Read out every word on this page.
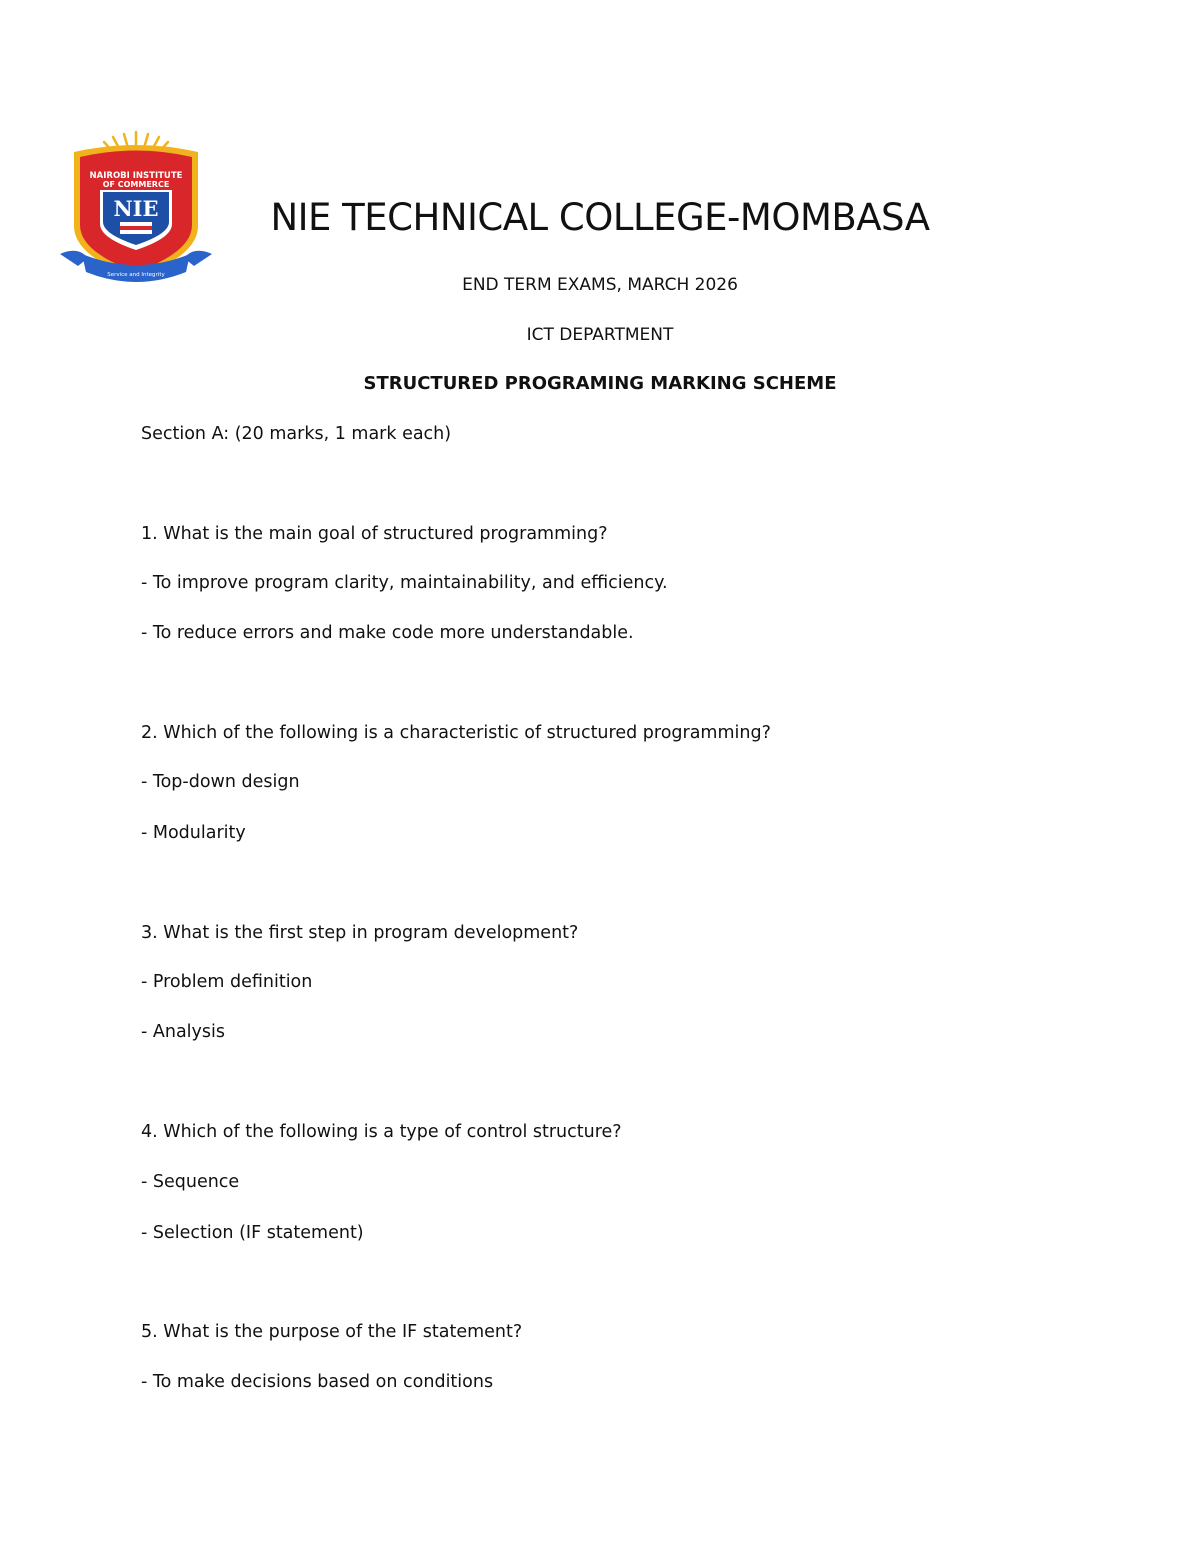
NAIROBI INSTITUTE
OF COMMERCE
NIE
Service and Integrity
NIE TECHNICAL COLLEGE-MOMBASA
END TERM EXAMS, MARCH 2026
ICT DEPARTMENT
STRUCTURED PROGRAMING MARKING SCHEME
Section A: (20 marks, 1 mark each)
1. What is the main goal of structured programming?
- To improve program clarity, maintainability, and efficiency.
- To reduce errors and make code more understandable.
2. Which of the following is a characteristic of structured programming?
- Top-down design
- Modularity
3. What is the first step in program development?
- Problem definition
- Analysis
4. Which of the following is a type of control structure?
- Sequence
- Selection (IF statement)
5. What is the purpose of the IF statement?
- To make decisions based on conditions
